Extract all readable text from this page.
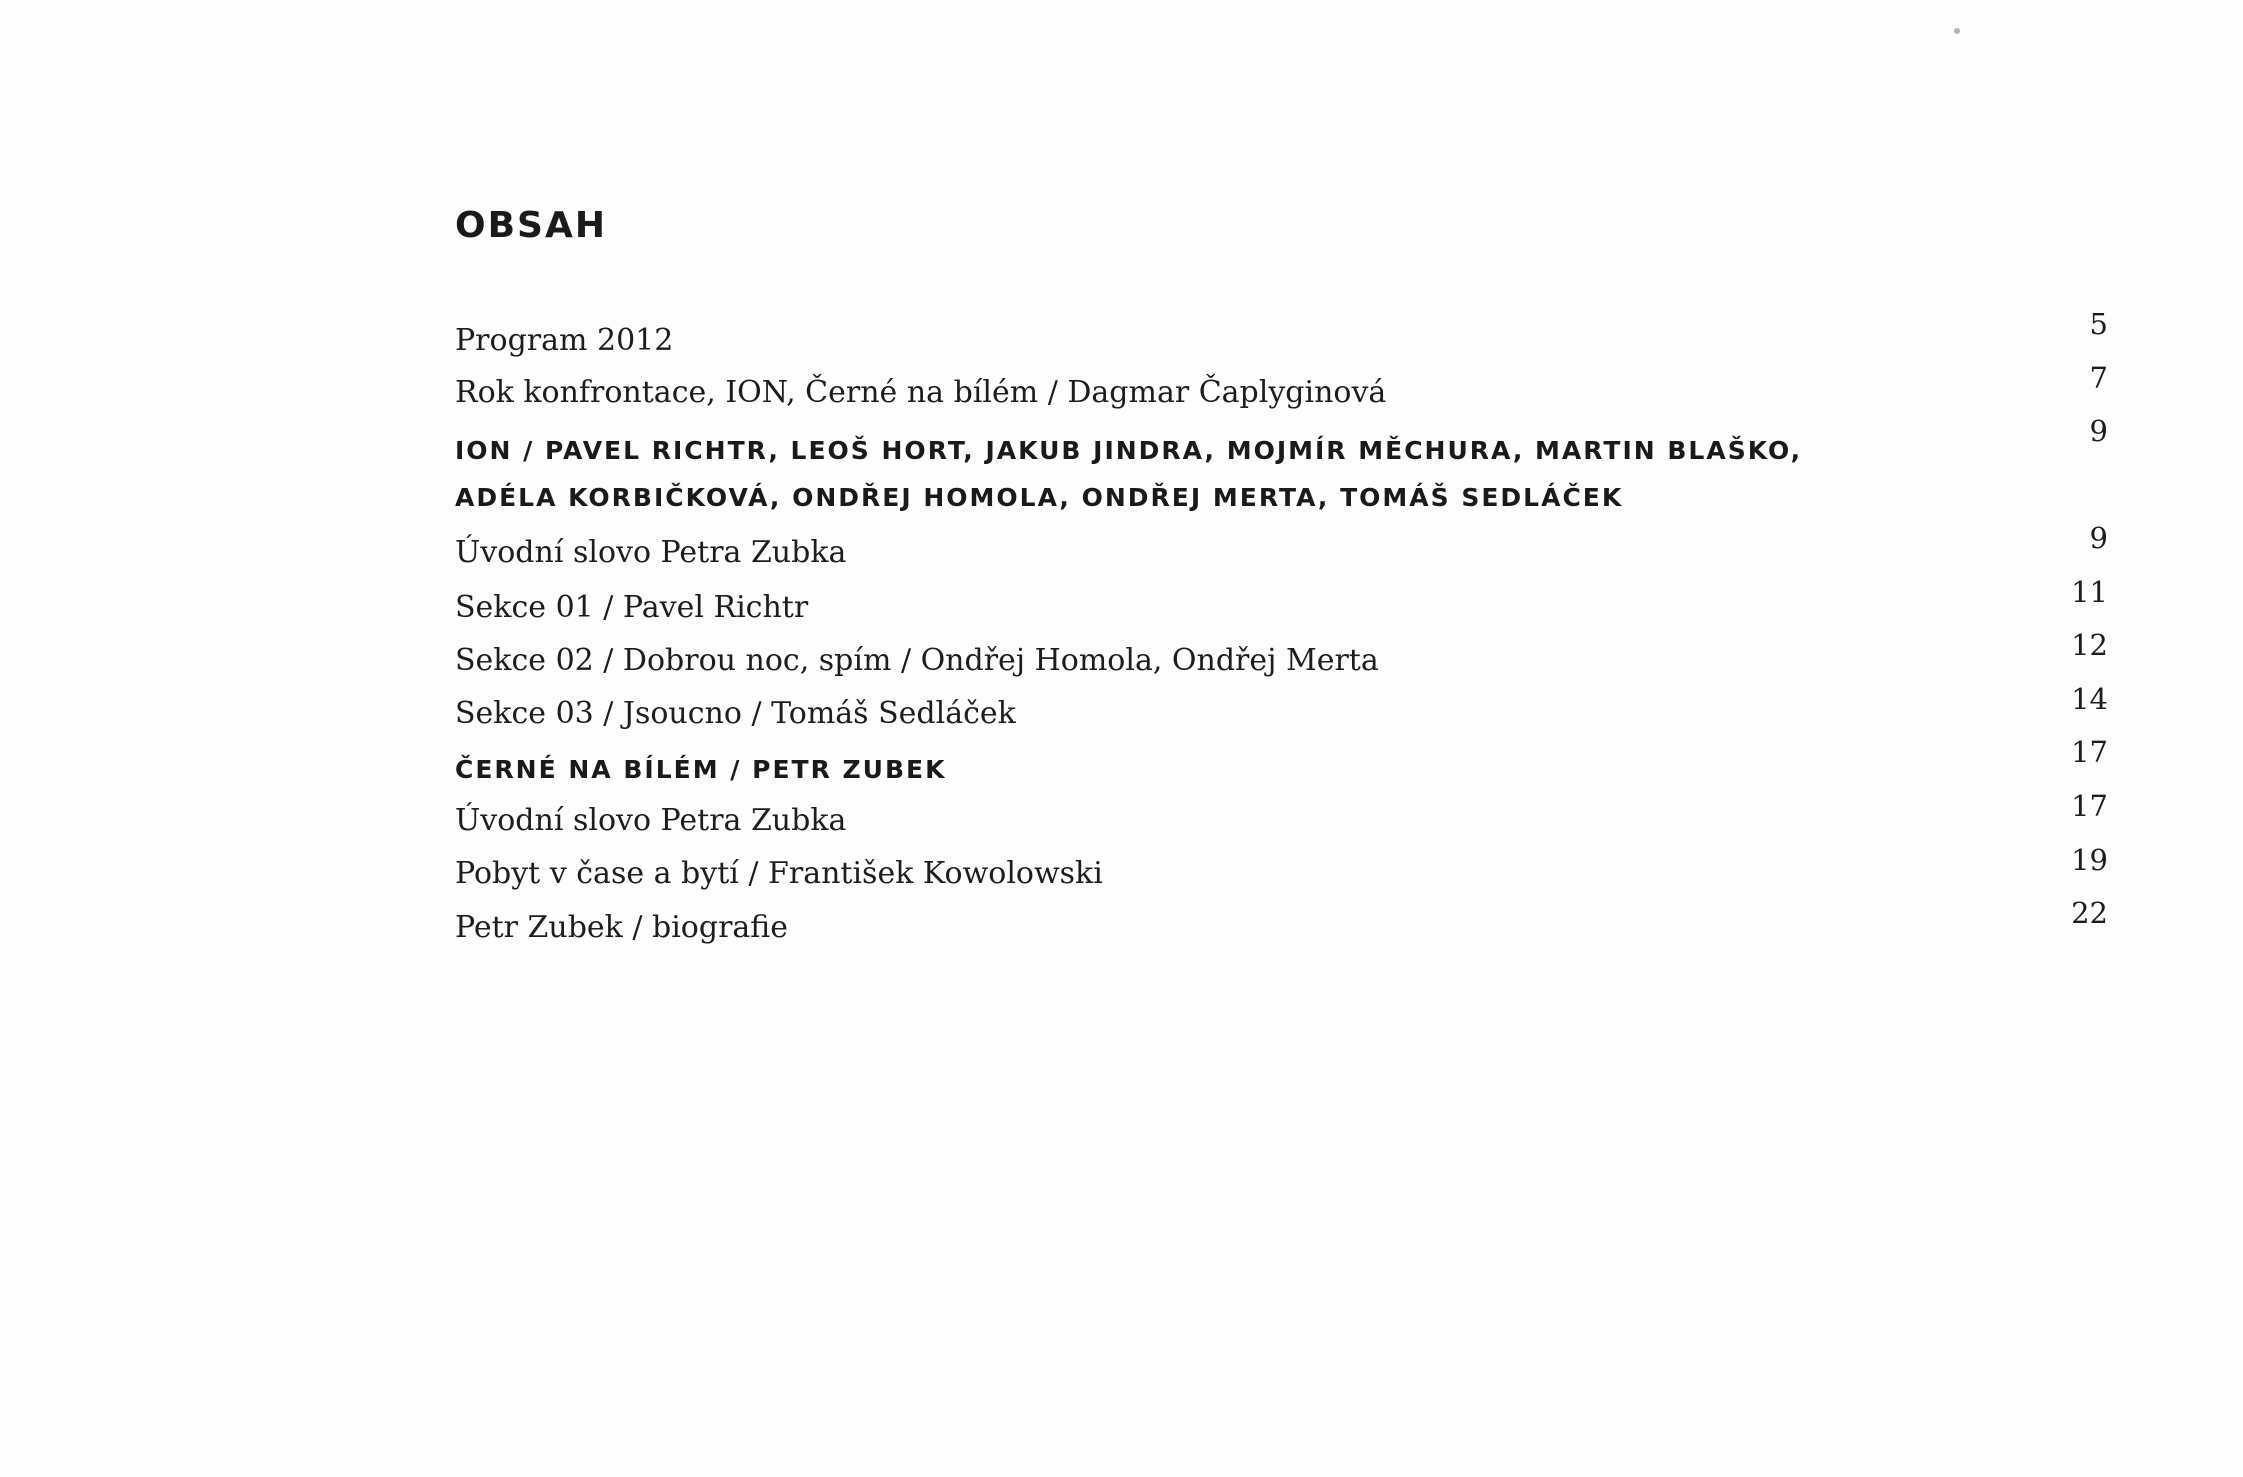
OBSAH
Program 2012
Rok konfrontace, ION, Černé na bílém / Dagmar Čaplyginová
ION / PAVEL RICHTR, LEOŠ HORT, JAKUB JINDRA, MOJMÍR MĚCHURA, MARTIN BLAŠKO,
ADÉLA KORBIČKOVÁ, ONDŘEJ HOMOLA, ONDŘEJ MERTA, TOMÁŠ SEDLÁČEK
Úvodní slovo Petra Zubka
Sekce 01 / Pavel Richtr
Sekce 02 / Dobrou noc, spím / Ondřej Homola, Ondřej Merta
Sekce 03 / Jsoucno / Tomáš Sedláček
ČERNÉ NA BÍLÉM / PETR ZUBEK
Úvodní slovo Petra Zubka
Pobyt v čase a bytí / František Kowolowski
Petr Zubek / biografie
5
7
9
9
11
12
14
17
17
19
22
